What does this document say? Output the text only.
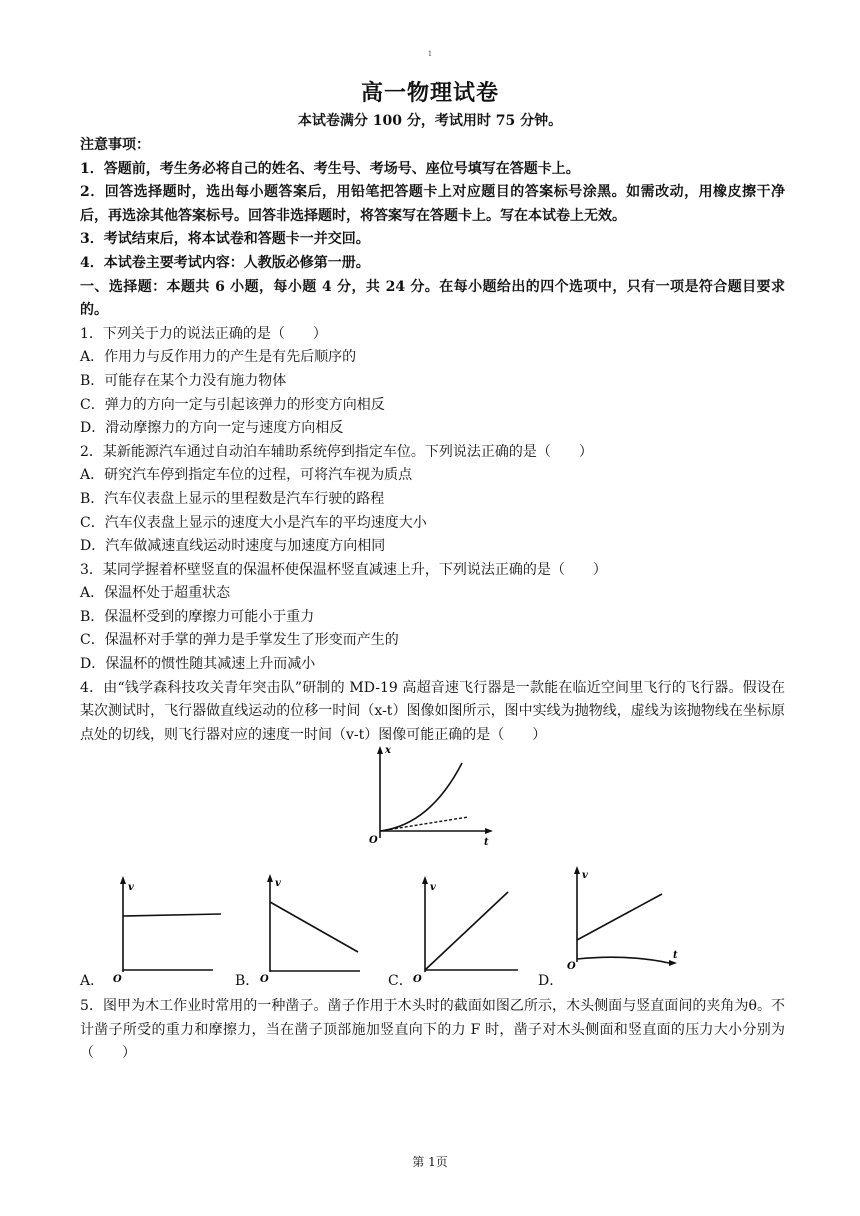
1
高一物理试卷
本试卷满分 100 分，考试用时 75 分钟。
注意事项：
1．答题前，考生务必将自己的姓名、考生号、考场号、座位号填写在答题卡上。
2．回答选择题时，选出每小题答案后，用铅笔把答题卡上对应题目的答案标号涂黑。如需改动，用橡皮擦干净后，再选涂其他答案标号。回答非选择题时，将答案写在答题卡上。写在本试卷上无效。
3．考试结束后，将本试卷和答题卡一并交回。
4．本试卷主要考试内容：人教版必修第一册。
一、选择题：本题共 6 小题，每小题 4 分，共 24 分。在每小题给出的四个选项中，只有一项是符合题目要求的。
1．下列关于力的说法正确的是（　　）
A．作用力与反作用力的产生是有先后顺序的
B．可能存在某个力没有施力物体
C．弹力的方向一定与引起该弹力的形变方向相反
D．滑动摩擦力的方向一定与速度方向相反
2．某新能源汽车通过自动泊车辅助系统停到指定车位。下列说法正确的是（　　）
A．研究汽车停到指定车位的过程，可将汽车视为质点
B．汽车仪表盘上显示的里程数是汽车行驶的路程
C．汽车仪表盘上显示的速度大小是汽车的平均速度大小
D．汽车做减速直线运动时速度与加速度方向相同
3．某同学握着杯壁竖直的保温杯使保温杯竖直减速上升，下列说法正确的是（　　）
A．保温杯处于超重状态
B．保温杯受到的摩擦力可能小于重力
C．保温杯对手掌的弹力是手掌发生了形变而产生的
D．保温杯的惯性随其减速上升而减小
4．由“钱学森科技攻关青年突击队”研制的 MD-19 高超音速飞行器是一款能在临近空间里飞行的飞行器。假设在某次测试时，飞行器做直线运动的位移一时间（x-t）图像如图所示，图中实线为抛物线，虚线为该抛物线在坐标原点处的切线，则飞行器对应的速度一时间（v-t）图像可能正确的是（　　）
x
t
O
A．
v
O	B．
v
O	C．
v
O	D．
v
t
O
5．图甲为木工作业时常用的一种凿子。凿子作用于木头时的截面如图乙所示，木头侧面与竖直面间的夹角为θ。不计凿子所受的重力和摩擦力，当在凿子顶部施加竖直向下的力 F 时，凿子对木头侧面和竖直面的压力大小分别为（　　）
第 1页
